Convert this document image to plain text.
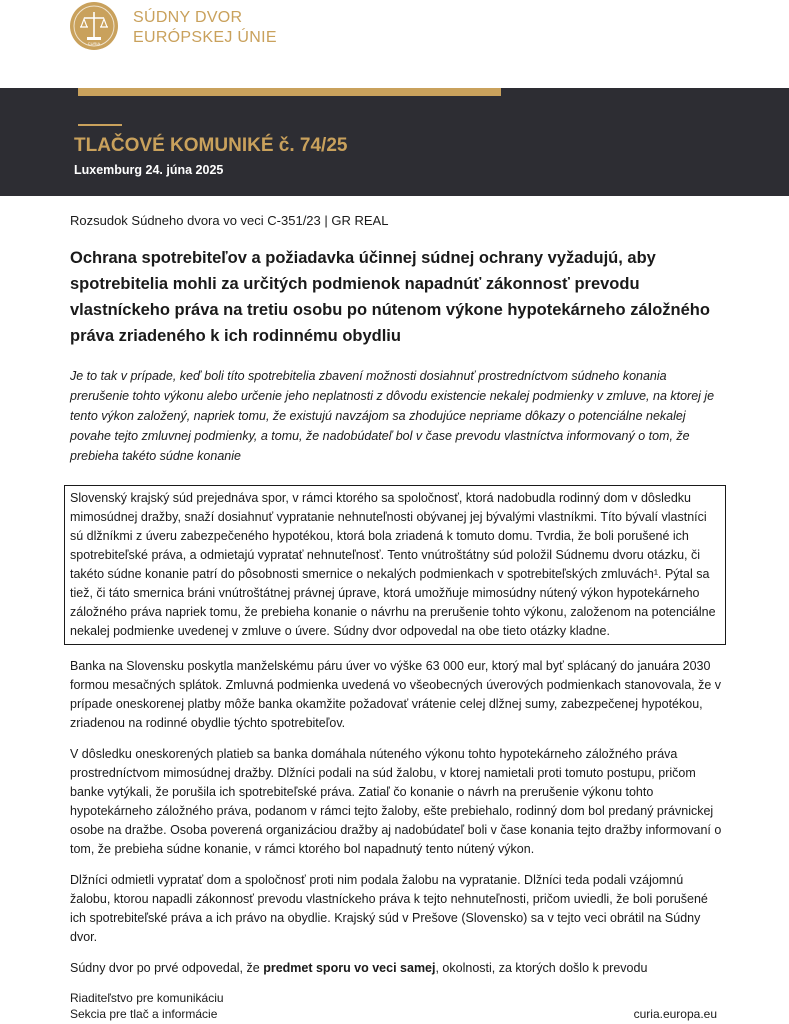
CURIA
SÚDNY DVOR
EURÓPSKEJ ÚNIE
TLAČOVÉ KOMUNIKÉ č. 74/25
Luxemburg 24. júna 2025
Rozsudok Súdneho dvora vo veci C-351/23 | GR REAL
Ochrana spotrebiteľov a požiadavka účinnej súdnej ochrany vyžadujú, aby spotrebitelia mohli za určitých podmienok napadnúť zákonnosť prevodu vlastníckeho práva na tretiu osobu po nútenom výkone hypotekárneho záložného práva zriadeného k ich rodinnému obydliu
Je to tak v prípade, keď boli títo spotrebitelia zbavení možnosti dosiahnuť prostredníctvom súdneho konania prerušenie tohto výkonu alebo určenie jeho neplatnosti z dôvodu existencie nekalej podmienky v zmluve, na ktorej je tento výkon založený, napriek tomu, že existujú navzájom sa zhodujúce nepriame dôkazy o potenciálne nekalej povahe tejto zmluvnej podmienky, a tomu, že nadobúdateľ bol v čase prevodu vlastníctva informovaný o tom, že prebieha takéto súdne konanie
Slovenský krajský súd prejednáva spor, v rámci ktorého sa spoločnosť, ktorá nadobudla rodinný dom v dôsledku mimosúdnej dražby, snaží dosiahnuť vypratanie nehnuteľnosti obývanej jej bývalými vlastníkmi. Títo bývalí vlastníci sú dlžníkmi z úveru zabezpečeného hypotékou, ktorá bola zriadená k tomuto domu. Tvrdia, že boli porušené ich spotrebiteľské práva, a odmietajú vypratať nehnuteľnosť. Tento vnútroštátny súd položil Súdnemu dvoru otázku, či takéto súdne konanie patrí do pôsobnosti smernice o nekalých podmienkach v spotrebiteľských zmluvách¹. Pýtal sa tiež, či táto smernica bráni vnútroštátnej právnej úprave, ktorá umožňuje mimosúdny nútený výkon hypotekárneho záložného práva napriek tomu, že prebieha konanie o návrhu na prerušenie tohto výkonu, založenom na potenciálne nekalej podmienke uvedenej v zmluve o úvere. Súdny dvor odpovedal na obe tieto otázky kladne.
Banka na Slovensku poskytla manželskému páru úver vo výške 63 000 eur, ktorý mal byť splácaný do januára 2030 formou mesačných splátok. Zmluvná podmienka uvedená vo všeobecných úverových podmienkach stanovovala, že v prípade oneskorenej platby môže banka okamžite požadovať vrátenie celej dlžnej sumy, zabezpečenej hypotékou, zriadenou na rodinné obydlie týchto spotrebiteľov.
V dôsledku oneskorených platieb sa banka domáhala núteného výkonu tohto hypotekárneho záložného práva prostredníctvom mimosúdnej dražby. Dlžníci podali na súd žalobu, v ktorej namietali proti tomuto postupu, pričom banke vytýkali, že porušila ich spotrebiteľské práva. Zatiaľ čo konanie o návrh na prerušenie výkonu tohto hypotekárneho záložného práva, podanom v rámci tejto žaloby, ešte prebiehalo, rodinný dom bol predaný právnickej osobe na dražbe. Osoba poverená organizáciou dražby aj nadobúdateľ boli v čase konania tejto dražby informovaní o tom, že prebieha súdne konanie, v rámci ktorého bol napadnutý tento nútený výkon.
Dlžníci odmietli vypratať dom a spoločnosť proti nim podala žalobu na vypratanie. Dlžníci teda podali vzájomnú žalobu, ktorou napadli zákonnosť prevodu vlastníckeho práva k tejto nehnuteľnosti, pričom uviedli, že boli porušené ich spotrebiteľské práva a ich právo na obydlie. Krajský súd v Prešove (Slovensko) sa v tejto veci obrátil na Súdny dvor.
Súdny dvor po prvé odpovedal, že predmet sporu vo veci samej, okolnosti, za ktorých došlo k prevodu
Riaditeľstvo pre komunikáciu
Sekcia pre tlač a informácie	curia.europa.eu
